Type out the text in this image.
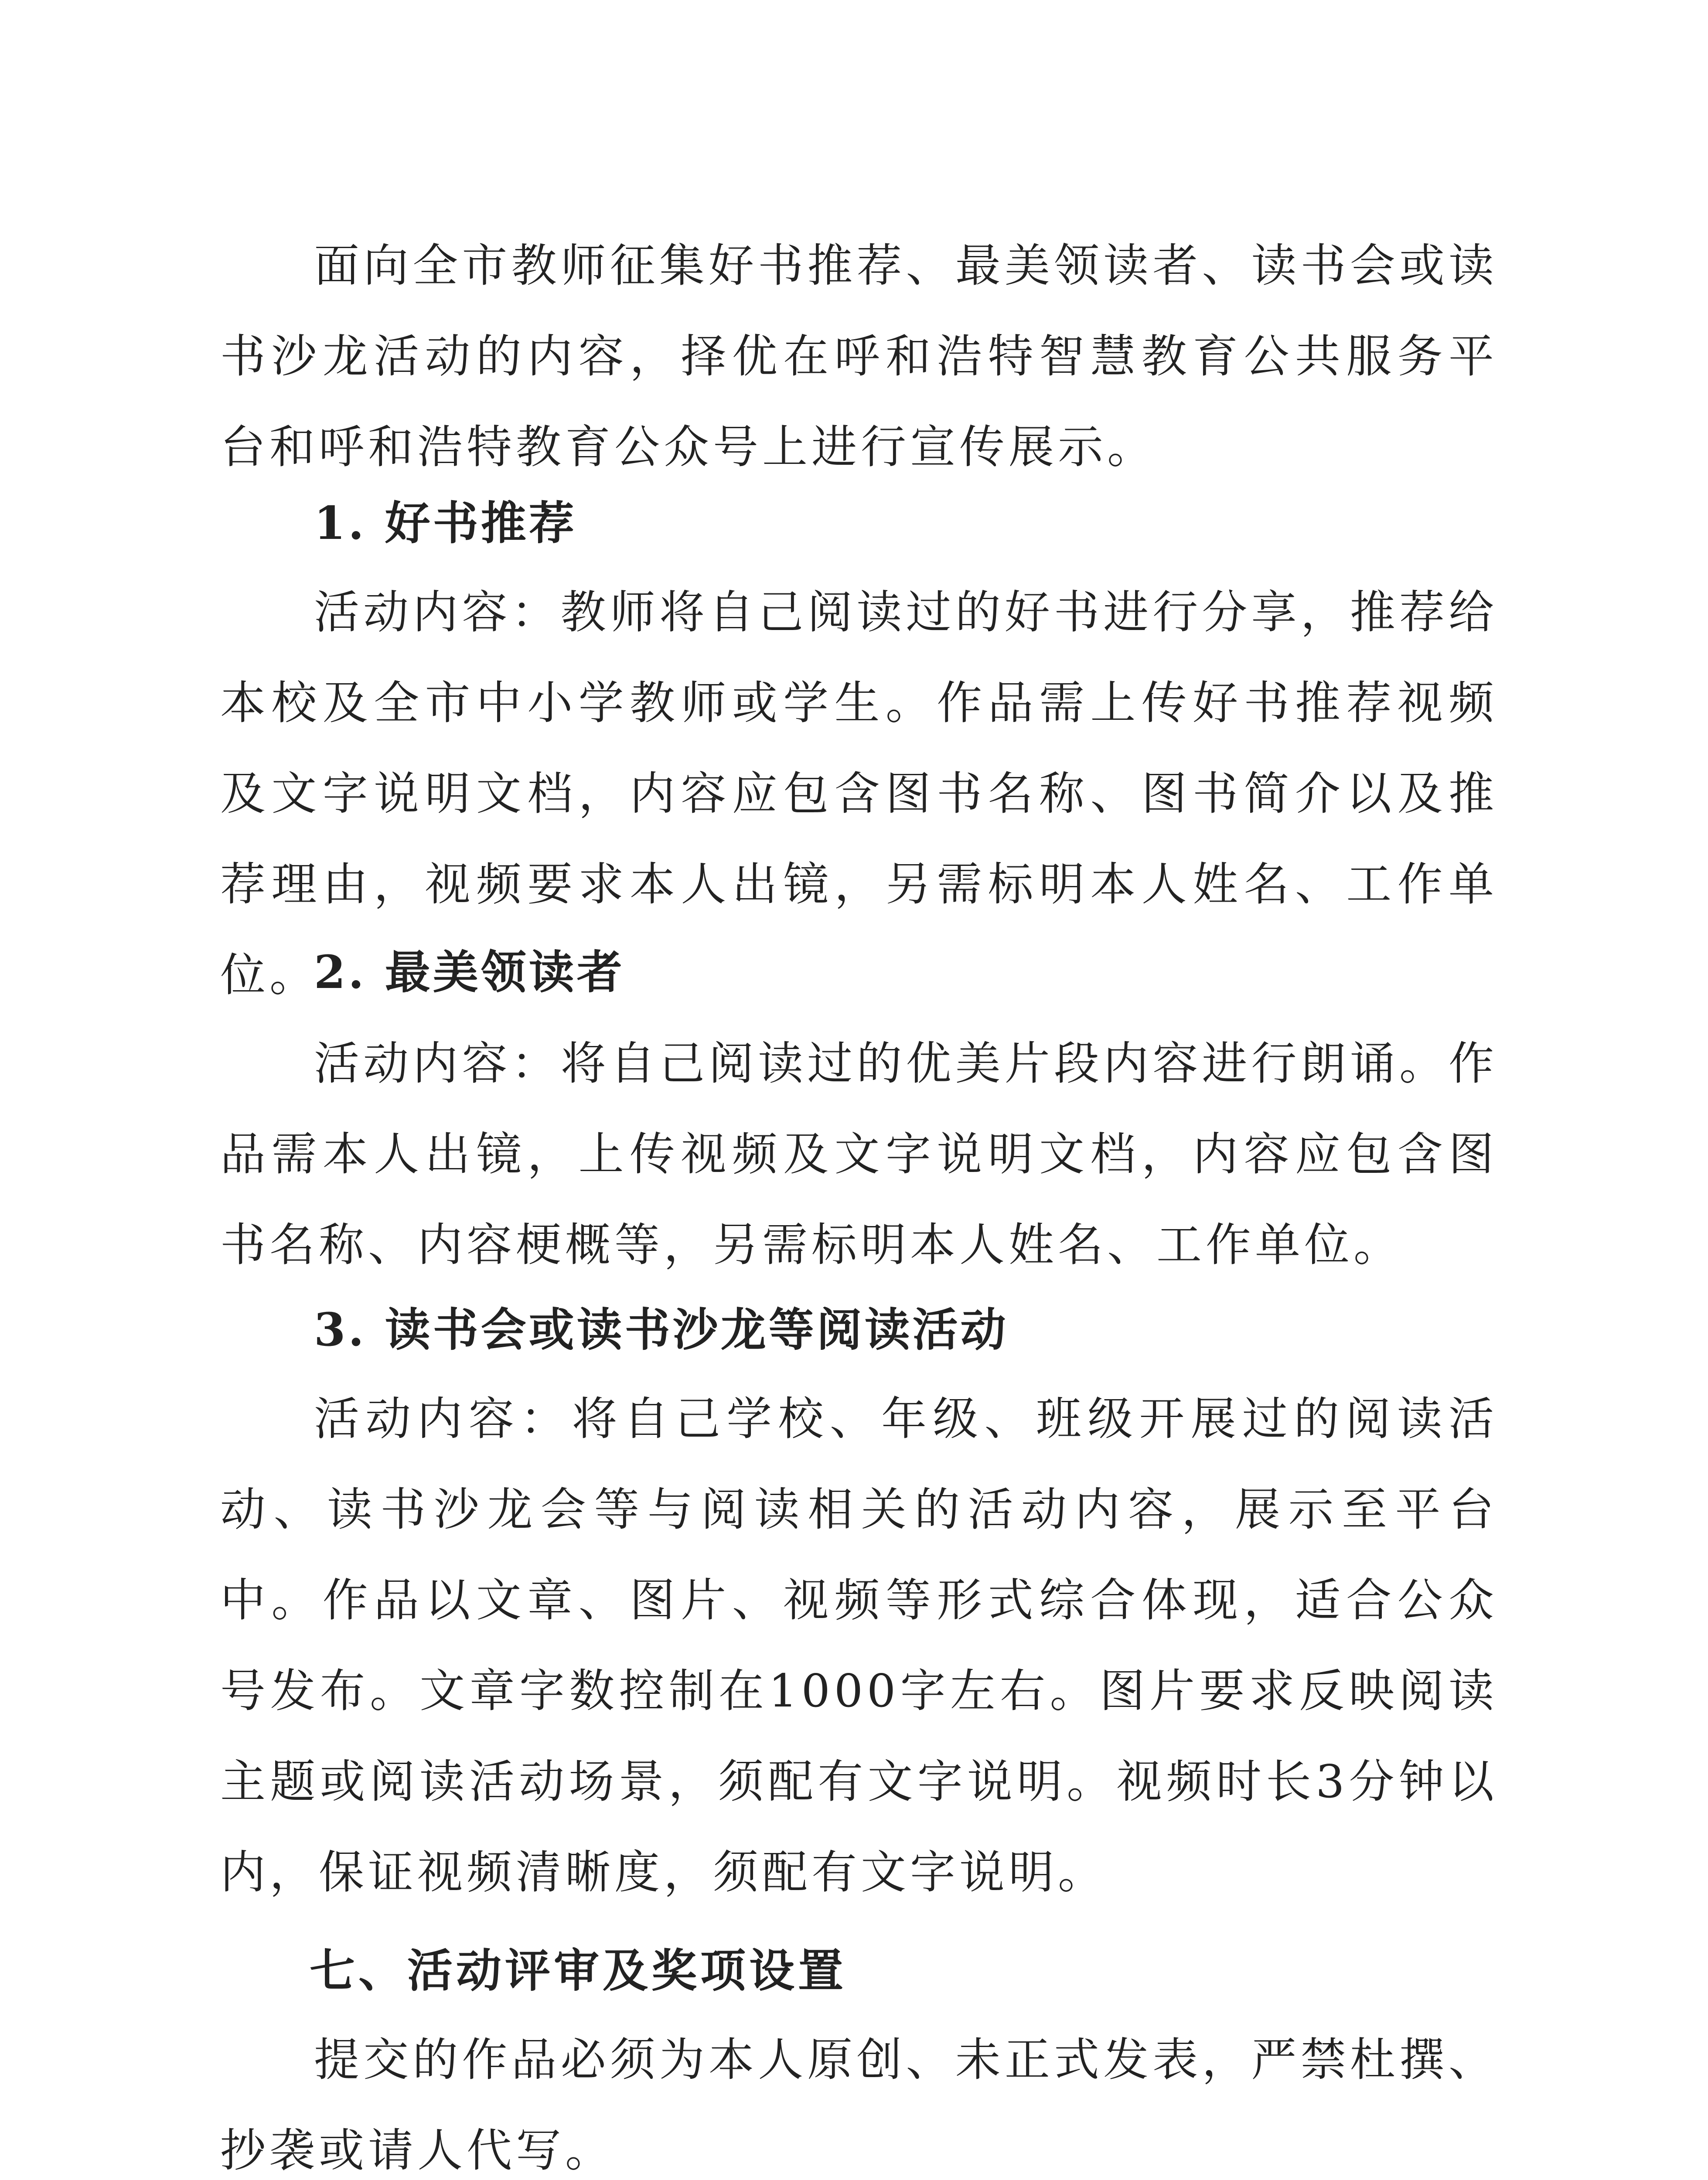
面向全市教师征集好书推荐、最美领读者、读书会或读书沙龙活动的内容，择优在呼和浩特智慧教育公共服务平台和呼和浩特教育公众号上进行宣传展示。

1. 好书推荐

活动内容：教师将自己阅读过的好书进行分享，推荐给本校及全市中小学教师或学生。作品需上传好书推荐视频及文字说明文档，内容应包含图书名称、图书简介以及推荐理由，视频要求本人出镜，另需标明本人姓名、工作单位。

2. 最美领读者

活动内容：将自己阅读过的优美片段内容进行朗诵。作品需本人出镜，上传视频及文字说明文档，内容应包含图书名称、内容梗概等，另需标明本人姓名、工作单位。

3. 读书会或读书沙龙等阅读活动

活动内容：将自己学校、年级、班级开展过的阅读活动、读书沙龙会等与阅读相关的活动内容，展示至平台中。作品以文章、图片、视频等形式综合体现，适合公众号发布。文章字数控制在1000字左右。图片要求反映阅读主题或阅读活动场景，须配有文字说明。视频时长3分钟以内，保证视频清晰度，须配有文字说明。

七、活动评审及奖项设置

提交的作品必须为本人原创、未正式发表，严禁杜撰、抄袭或请人代写。
